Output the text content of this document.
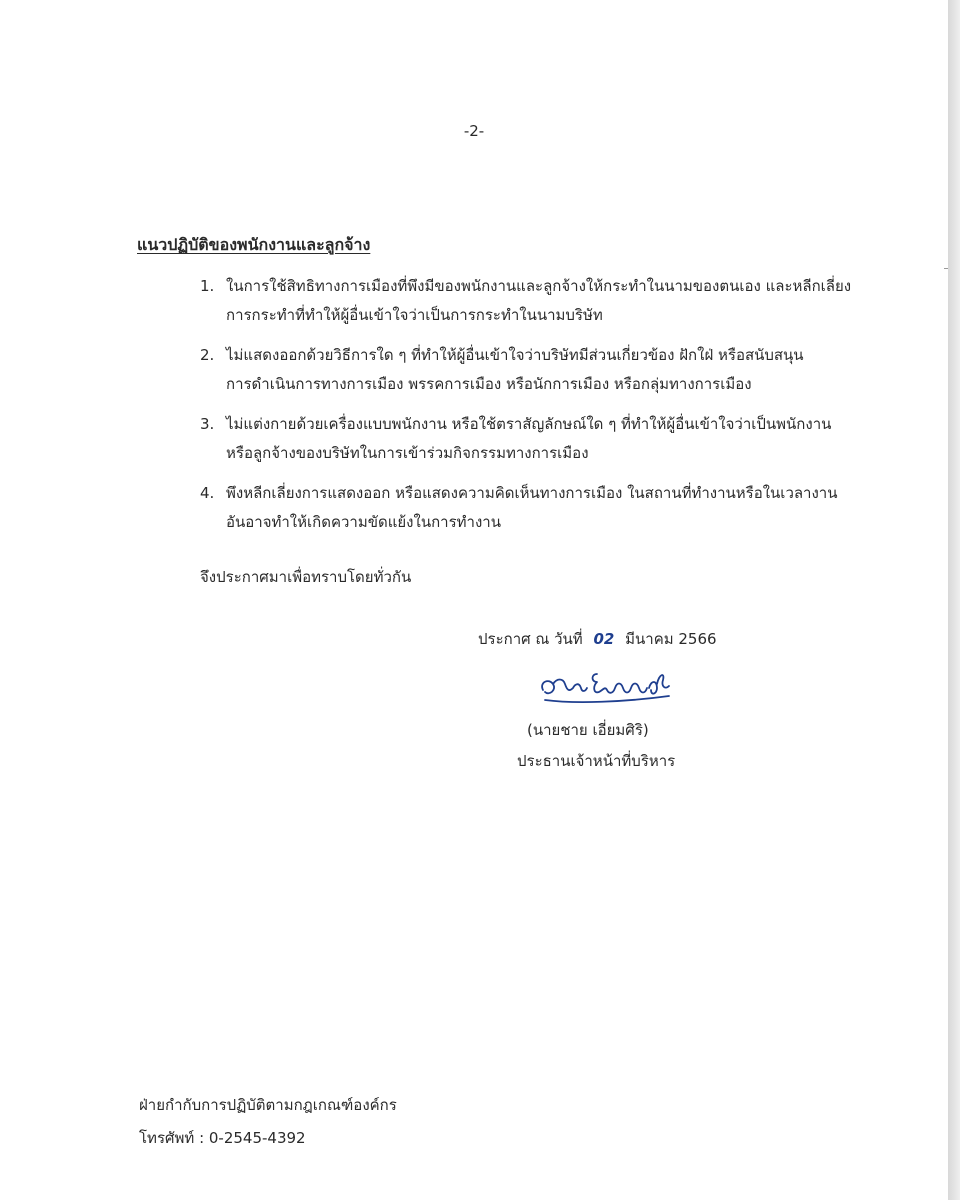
-2-
แนวปฏิบัติของพนักงานและลูกจ้าง
1. ในการใช้สิทธิทางการเมืองที่พึงมีของพนักงานและลูกจ้างให้กระทำในนามของตนเอง และหลีกเลี่ยง
การกระทำที่ทำให้ผู้อื่นเข้าใจว่าเป็นการกระทำในนามบริษัท
2. ไม่แสดงออกด้วยวิธีการใด ๆ ที่ทำให้ผู้อื่นเข้าใจว่าบริษัทมีส่วนเกี่ยวข้อง ฝักใฝ่ หรือสนับสนุน
การดำเนินการทางการเมือง พรรคการเมือง หรือนักการเมือง หรือกลุ่มทางการเมือง
3. ไม่แต่งกายด้วยเครื่องแบบพนักงาน หรือใช้ตราสัญลักษณ์ใด ๆ ที่ทำให้ผู้อื่นเข้าใจว่าเป็นพนักงาน
หรือลูกจ้างของบริษัทในการเข้าร่วมกิจกรรมทางการเมือง
4. พึงหลีกเลี่ยงการแสดงออก หรือแสดงความคิดเห็นทางการเมือง ในสถานที่ทำงานหรือในเวลางาน
อันอาจทำให้เกิดความขัดแย้งในการทำงาน
จึงประกาศมาเพื่อทราบโดยทั่วกัน
ประกาศ ณ วันที่ 02 มีนาคม 2566
(นายชาย เอี่ยมศิริ)
ประธานเจ้าหน้าที่บริหาร
ฝ่ายกำกับการปฏิบัติตามกฎเกณฑ์องค์กร
โทรศัพท์ : 0-2545-4392
